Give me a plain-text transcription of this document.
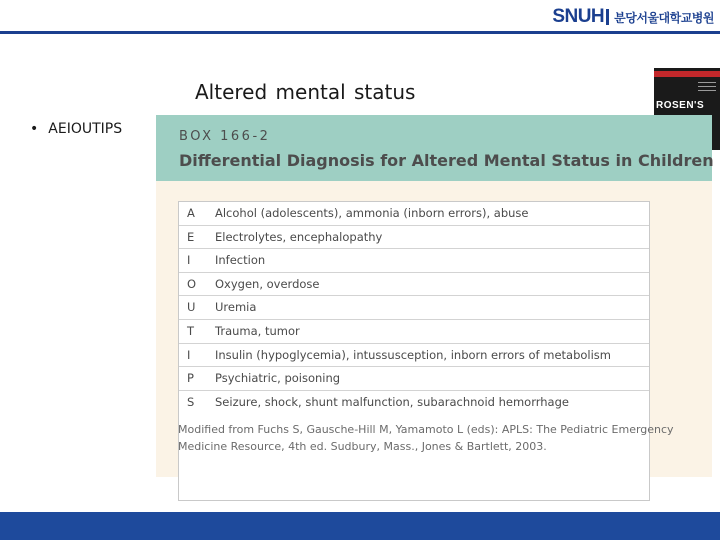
SNUH 분당서울대학교병원
ROSEN'S
Altered mental status
• AEIOUTIPS	BOX 166-2
Differential Diagnosis for Altered Mental Status in Children
A Alcohol (adolescents), ammonia (inborn errors), abuse
E Electrolytes, encephalopathy
I Infection
O Oxygen, overdose
U Uremia
T Trauma, tumor
I Insulin (hypoglycemia), intussusception, inborn errors of metabolism
P Psychiatric, poisoning
S Seizure, shock, shunt malfunction, subarachnoid hemorrhage
Modified from Fuchs S, Gausche-Hill M, Yamamoto L (eds): APLS: The Pediatric Emergency Medicine Resource, 4th ed. Sudbury, Mass., Jones & Bartlett, 2003.
